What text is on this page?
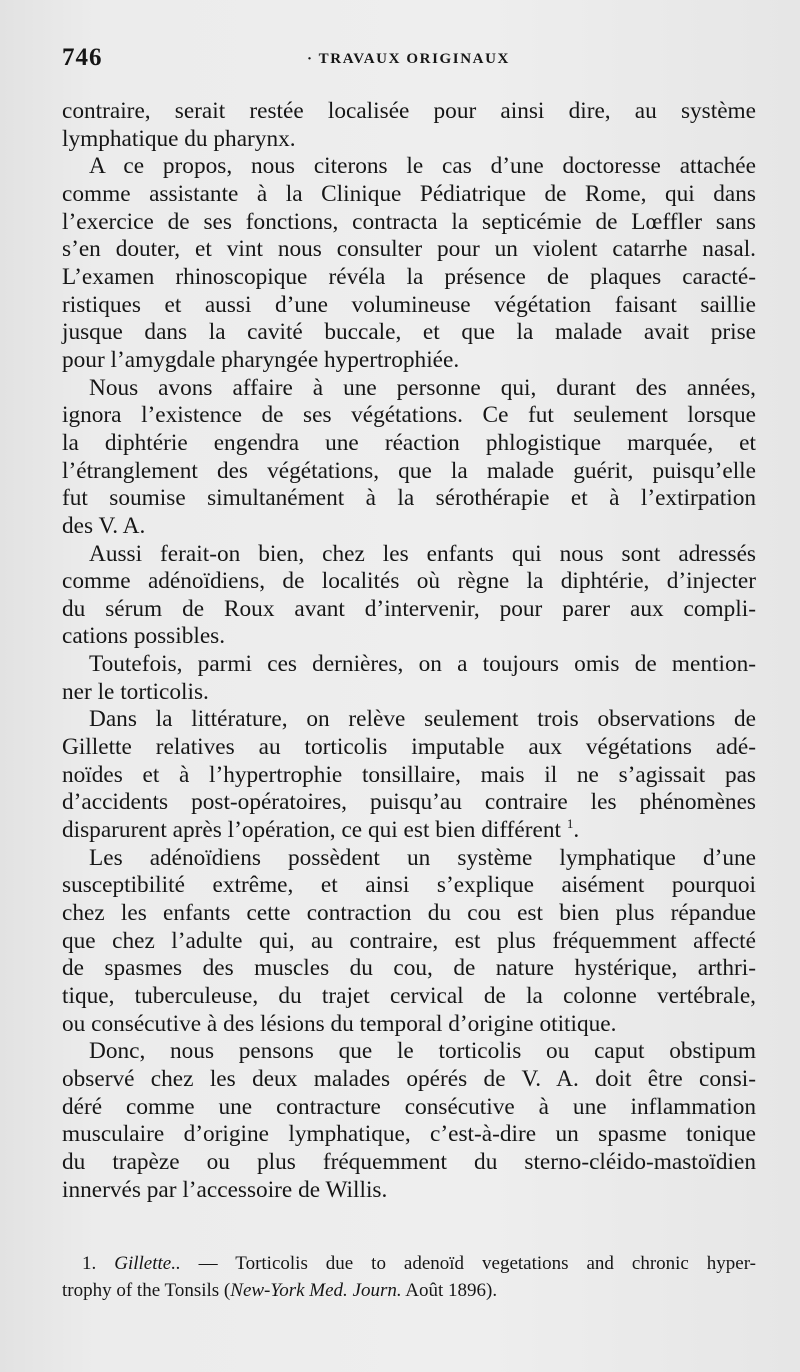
746	· TRAVAUX ORIGINAUX
contraire, serait restée localisée pour ainsi dire, au système
lymphatique du pharynx.
A ce propos, nous citerons le cas d’une doctoresse attachée
comme assistante à la Clinique Pédiatrique de Rome, qui dans
l’exercice de ses fonctions, contracta la septicémie de Lœffler sans
s’en douter, et vint nous consulter pour un violent catarrhe nasal.
L’examen rhinoscopique révéla la présence de plaques caracté-
ristiques et aussi d’une volumineuse végétation faisant saillie
jusque dans la cavité buccale, et que la malade avait prise
pour l’amygdale pharyngée hypertrophiée.
Nous avons affaire à une personne qui, durant des années,
ignora l’existence de ses végétations. Ce fut seulement lorsque
la diphtérie engendra une réaction phlogistique marquée, et
l’étranglement des végétations, que la malade guérit, puisqu’elle
fut soumise simultanément à la sérothérapie et à l’extirpation
des V. A.
Aussi ferait-on bien, chez les enfants qui nous sont adressés
comme adénoïdiens, de localités où règne la diphtérie, d’injecter
du sérum de Roux avant d’intervenir, pour parer aux compli-
cations possibles.
Toutefois, parmi ces dernières, on a toujours omis de mention-
ner le torticolis.
Dans la littérature, on relève seulement trois observations de
Gillette relatives au torticolis imputable aux végétations adé-
noïdes et à l’hypertrophie tonsillaire, mais il ne s’agissait pas
d’accidents post-opératoires, puisqu’au contraire les phénomènes
disparurent après l’opération, ce qui est bien différent $^1$.
Les adénoïdiens possèdent un système lymphatique d’une
susceptibilité extrême, et ainsi s’explique aisément pourquoi
chez les enfants cette contraction du cou est bien plus répandue
que chez l’adulte qui, au contraire, est plus fréquemment affecté
de spasmes des muscles du cou, de nature hystérique, arthri-
tique, tuberculeuse, du trajet cervical de la colonne vertébrale,
ou consécutive à des lésions du temporal d’origine otitique.
Donc, nous pensons que le torticolis ou caput obstipum
observé chez les deux malades opérés de V. A. doit être consi-
déré comme une contracture consécutive à une inflammation
musculaire d’origine lymphatique, c’est-à-dire un spasme tonique
du trapèze ou plus fréquemment du sterno-cléido-mastoïdien
innervés par l’accessoire de Willis.
1. Gillette.. — Torticolis due to adenoïd vegetations and chronic hyper-
trophy of the Tonsils (New-York Med. Journ. Août 1896).
